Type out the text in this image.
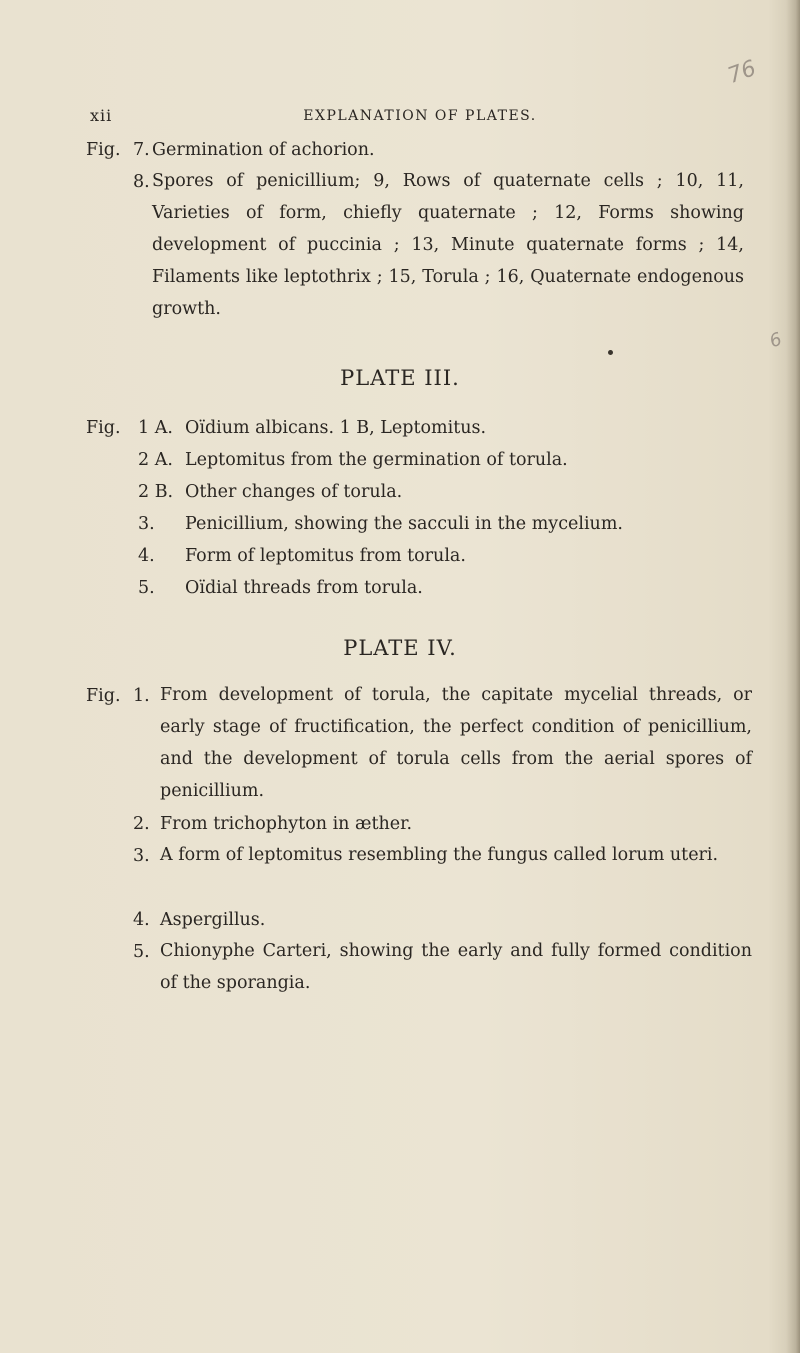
76
6
xii	EXPLANATION OF PLATES.
Fig. 7. Germination of achorion.
8. Spores of penicillium; 9, Rows of quaternate cells ; 10, 11, Varieties of form, chiefly quaternate ; 12, Forms showing development of puccinia ; 13, Minute quaternate forms ; 14, Filaments like leptothrix ; 15, Torula ; 16, Quaternate endogenous growth.
PLATE III.
Fig. 1 A. Oïdium albicans. 1 B, Leptomitus.
2 A. Leptomitus from the germination of torula.
2 B. Other changes of torula.
3. Penicillium, showing the sacculi in the mycelium.
4. Form of leptomitus from torula.
5. Oïdial threads from torula.
PLATE IV.
Fig. 1. From development of torula, the capitate mycelial threads, or early stage of fructification, the perfect condition of penicillium, and the development of torula cells from the aerial spores of penicillium.
2. From trichophyton in æther.
3. A form of leptomitus resembling the fungus called lorum uteri.
4. Aspergillus.
5. Chionyphe Carteri, showing the early and fully formed condition of the sporangia.
